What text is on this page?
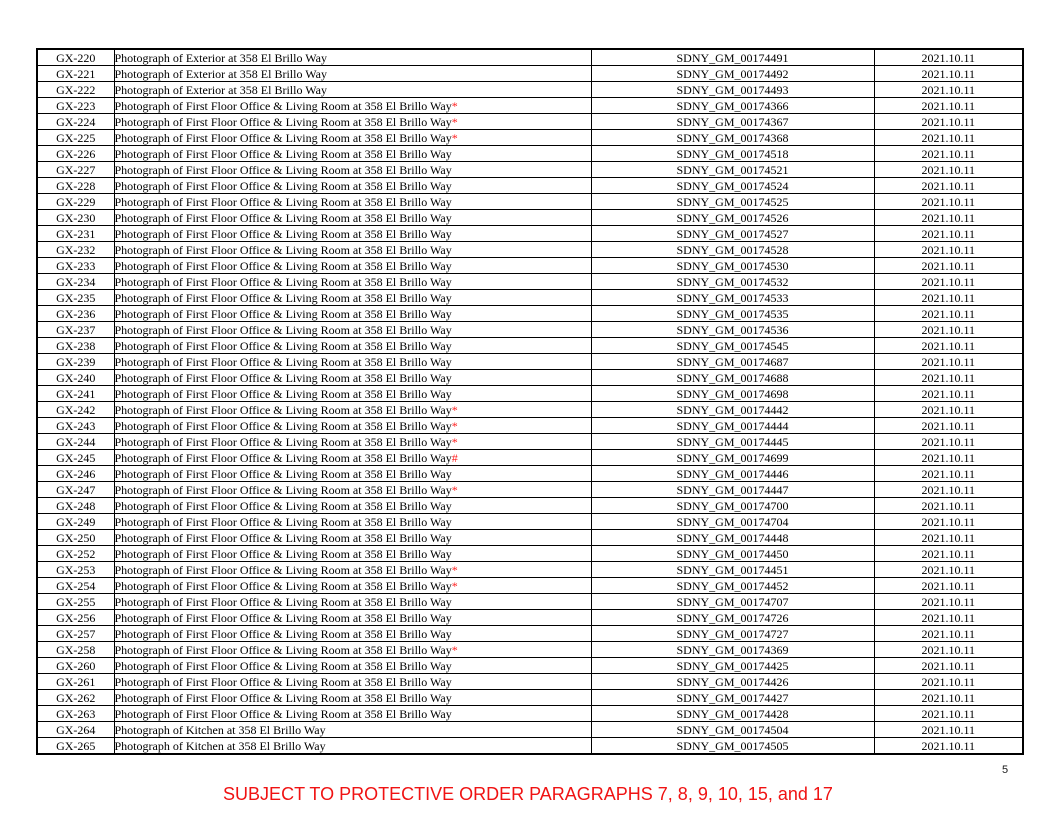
GX-220	Photograph of Exterior at 358 El Brillo Way	SDNY_GM_00174491	2021.10.11
GX-221	Photograph of Exterior at 358 El Brillo Way	SDNY_GM_00174492	2021.10.11
GX-222	Photograph of Exterior at 358 El Brillo Way	SDNY_GM_00174493	2021.10.11
GX-223	Photograph of First Floor Office & Living Room at 358 El Brillo Way*	SDNY_GM_00174366	2021.10.11
GX-224	Photograph of First Floor Office & Living Room at 358 El Brillo Way*	SDNY_GM_00174367	2021.10.11
GX-225	Photograph of First Floor Office & Living Room at 358 El Brillo Way*	SDNY_GM_00174368	2021.10.11
GX-226	Photograph of First Floor Office & Living Room at 358 El Brillo Way	SDNY_GM_00174518	2021.10.11
GX-227	Photograph of First Floor Office & Living Room at 358 El Brillo Way	SDNY_GM_00174521	2021.10.11
GX-228	Photograph of First Floor Office & Living Room at 358 El Brillo Way	SDNY_GM_00174524	2021.10.11
GX-229	Photograph of First Floor Office & Living Room at 358 El Brillo Way	SDNY_GM_00174525	2021.10.11
GX-230	Photograph of First Floor Office & Living Room at 358 El Brillo Way	SDNY_GM_00174526	2021.10.11
GX-231	Photograph of First Floor Office & Living Room at 358 El Brillo Way	SDNY_GM_00174527	2021.10.11
GX-232	Photograph of First Floor Office & Living Room at 358 El Brillo Way	SDNY_GM_00174528	2021.10.11
GX-233	Photograph of First Floor Office & Living Room at 358 El Brillo Way	SDNY_GM_00174530	2021.10.11
GX-234	Photograph of First Floor Office & Living Room at 358 El Brillo Way	SDNY_GM_00174532	2021.10.11
GX-235	Photograph of First Floor Office & Living Room at 358 El Brillo Way	SDNY_GM_00174533	2021.10.11
GX-236	Photograph of First Floor Office & Living Room at 358 El Brillo Way	SDNY_GM_00174535	2021.10.11
GX-237	Photograph of First Floor Office & Living Room at 358 El Brillo Way	SDNY_GM_00174536	2021.10.11
GX-238	Photograph of First Floor Office & Living Room at 358 El Brillo Way	SDNY_GM_00174545	2021.10.11
GX-239	Photograph of First Floor Office & Living Room at 358 El Brillo Way	SDNY_GM_00174687	2021.10.11
GX-240	Photograph of First Floor Office & Living Room at 358 El Brillo Way	SDNY_GM_00174688	2021.10.11
GX-241	Photograph of First Floor Office & Living Room at 358 El Brillo Way	SDNY_GM_00174698	2021.10.11
GX-242	Photograph of First Floor Office & Living Room at 358 El Brillo Way*	SDNY_GM_00174442	2021.10.11
GX-243	Photograph of First Floor Office & Living Room at 358 El Brillo Way*	SDNY_GM_00174444	2021.10.11
GX-244	Photograph of First Floor Office & Living Room at 358 El Brillo Way*	SDNY_GM_00174445	2021.10.11
GX-245	Photograph of First Floor Office & Living Room at 358 El Brillo Way#	SDNY_GM_00174699	2021.10.11
GX-246	Photograph of First Floor Office & Living Room at 358 El Brillo Way	SDNY_GM_00174446	2021.10.11
GX-247	Photograph of First Floor Office & Living Room at 358 El Brillo Way*	SDNY_GM_00174447	2021.10.11
GX-248	Photograph of First Floor Office & Living Room at 358 El Brillo Way	SDNY_GM_00174700	2021.10.11
GX-249	Photograph of First Floor Office & Living Room at 358 El Brillo Way	SDNY_GM_00174704	2021.10.11
GX-250	Photograph of First Floor Office & Living Room at 358 El Brillo Way	SDNY_GM_00174448	2021.10.11
GX-252	Photograph of First Floor Office & Living Room at 358 El Brillo Way	SDNY_GM_00174450	2021.10.11
GX-253	Photograph of First Floor Office & Living Room at 358 El Brillo Way*	SDNY_GM_00174451	2021.10.11
GX-254	Photograph of First Floor Office & Living Room at 358 El Brillo Way*	SDNY_GM_00174452	2021.10.11
GX-255	Photograph of First Floor Office & Living Room at 358 El Brillo Way	SDNY_GM_00174707	2021.10.11
GX-256	Photograph of First Floor Office & Living Room at 358 El Brillo Way	SDNY_GM_00174726	2021.10.11
GX-257	Photograph of First Floor Office & Living Room at 358 El Brillo Way	SDNY_GM_00174727	2021.10.11
GX-258	Photograph of First Floor Office & Living Room at 358 El Brillo Way*	SDNY_GM_00174369	2021.10.11
GX-260	Photograph of First Floor Office & Living Room at 358 El Brillo Way	SDNY_GM_00174425	2021.10.11
GX-261	Photograph of First Floor Office & Living Room at 358 El Brillo Way	SDNY_GM_00174426	2021.10.11
GX-262	Photograph of First Floor Office & Living Room at 358 El Brillo Way	SDNY_GM_00174427	2021.10.11
GX-263	Photograph of First Floor Office & Living Room at 358 El Brillo Way	SDNY_GM_00174428	2021.10.11
GX-264	Photograph of Kitchen at 358 El Brillo Way	SDNY_GM_00174504	2021.10.11
GX-265	Photograph of Kitchen at 358 El Brillo Way	SDNY_GM_00174505	2021.10.11
5
SUBJECT TO PROTECTIVE ORDER PARAGRAPHS 7, 8, 9, 10, 15, and 17
